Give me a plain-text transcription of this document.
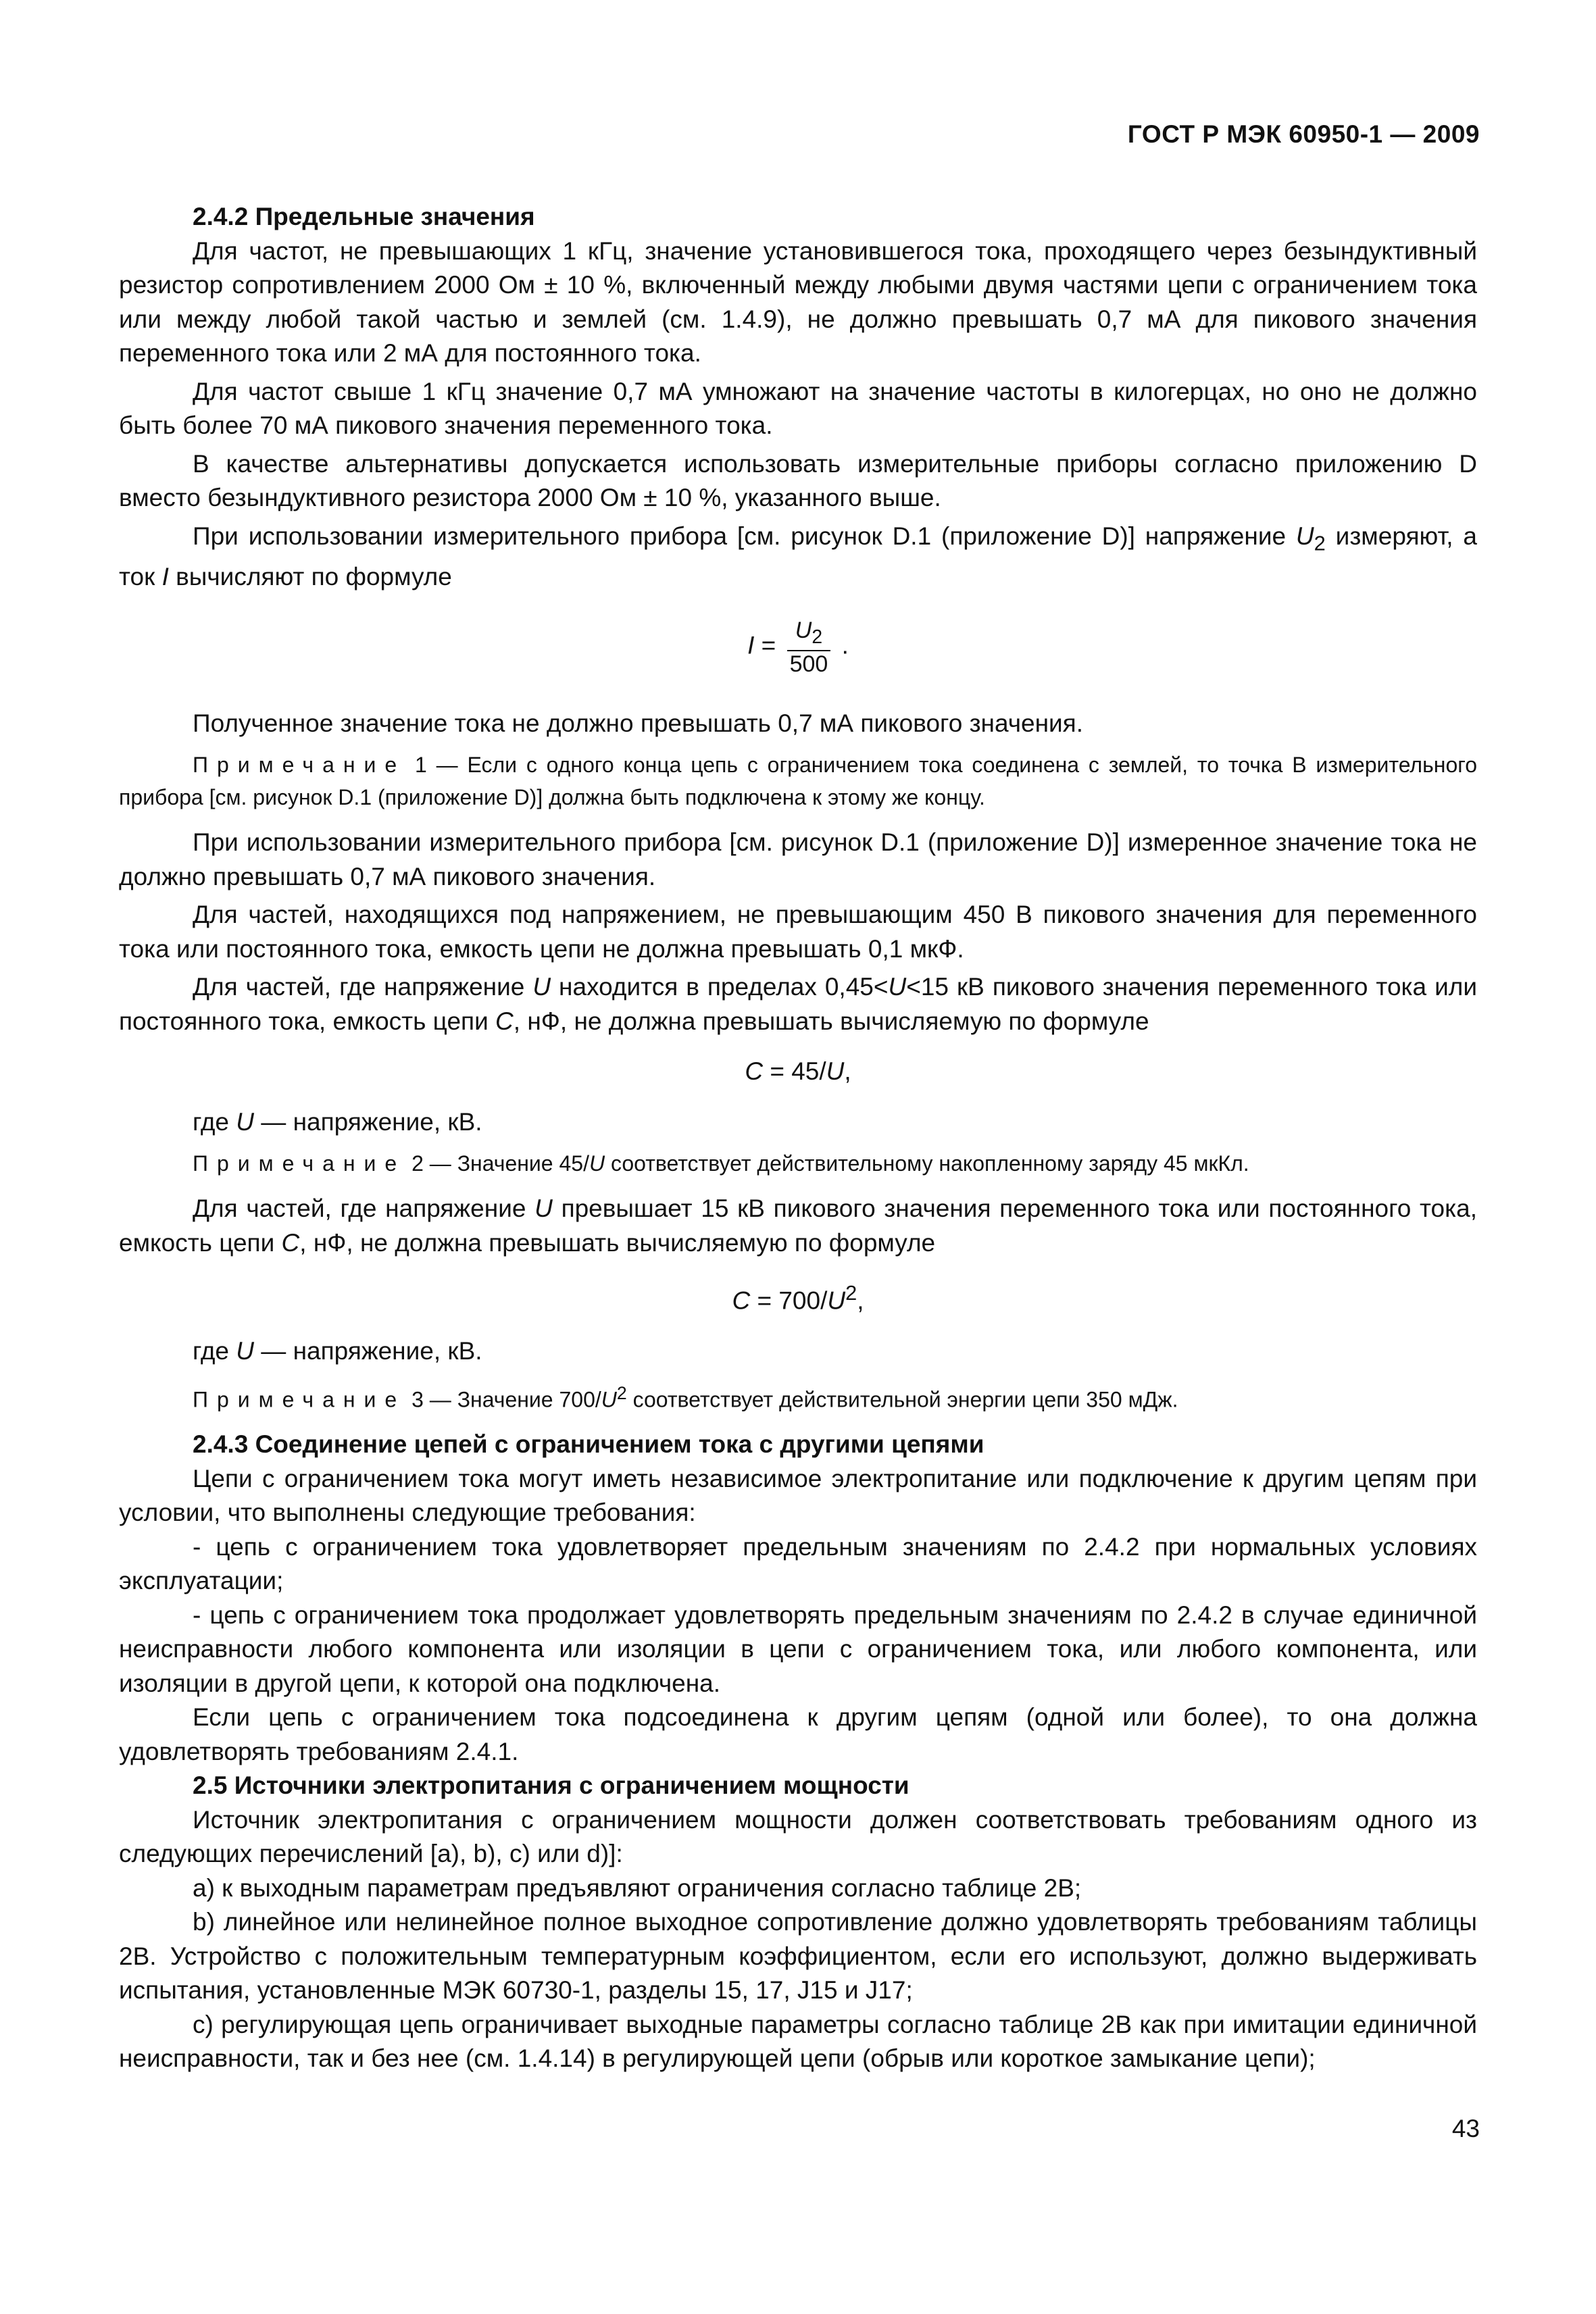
ГОСТ Р МЭК 60950-1 — 2009
2.4.2 Предельные значения

Для частот, не превышающих 1 кГц, значение установившегося тока, проходящего через безындуктивный резистор сопротивлением 2000 Ом ± 10 %, включенный между любыми двумя частями цепи с ограничением тока или между любой такой частью и землей (см. 1.4.9), не должно превышать 0,7 мА для пикового значения переменного тока или 2 мА для постоянного тока.

Для частот свыше 1 кГц значение 0,7 мА умножают на значение частоты в килогерцах, но оно не должно быть более 70 мА пикового значения переменного тока.

В качестве альтернативы допускается использовать измерительные приборы согласно приложению D вместо безындуктивного резистора 2000 Ом ± 10 %, указанного выше.

При использовании измерительного прибора [см. рисунок D.1 (приложение D)] напряжение $U_2$ измеряют, а ток I вычисляют по формуле

$I = \frac{U_2}{500}$ .

Полученное значение тока не должно превышать 0,7 мА пикового значения.

Примечание 1 — Если с одного конца цепь с ограничением тока соединена с землей, то точка В измерительного прибора [см. рисунок D.1 (приложение D)] должна быть подключена к этому же концу.

При использовании измерительного прибора [см. рисунок D.1 (приложение D)] измеренное значение тока не должно превышать 0,7 мА пикового значения.

Для частей, находящихся под напряжением, не превышающим 450 В пикового значения для переменного тока или постоянного тока, емкость цепи не должна превышать 0,1 мкФ.

Для частей, где напряжение U находится в пределах 0,45<U<15 кВ пикового значения переменного тока или постоянного тока, емкость цепи C, нФ, не должна превышать вычисляемую по формуле

C = 45/U,

где U — напряжение, кВ.

Примечание 2 — Значение 45/U соответствует действительному накопленному заряду 45 мкКл.

Для частей, где напряжение U превышает 15 кВ пикового значения переменного тока или постоянного тока, емкость цепи C, нФ, не должна превышать вычисляемую по формуле

$C = 700/U^2$,

где U — напряжение, кВ.

Примечание 3 — Значение $700/U^2$ соответствует действительной энергии цепи 350 мДж.
2.4.3 Соединение цепей с ограничением тока с другими цепями

Цепи с ограничением тока могут иметь независимое электропитание или подключение к другим цепям при условии, что выполнены следующие требования:

- цепь с ограничением тока удовлетворяет предельным значениям по 2.4.2 при нормальных условиях эксплуатации;

- цепь с ограничением тока продолжает удовлетворять предельным значениям по 2.4.2 в случае единичной неисправности любого компонента или изоляции в цепи с ограничением тока, или любого компонента, или изоляции в другой цепи, к которой она подключена.

Если цепь с ограничением тока подсоединена к другим цепям (одной или более), то она должна удовлетворять требованиям 2.4.1.

2.5 Источники электропитания с ограничением мощности

Источник электропитания с ограничением мощности должен соответствовать требованиям одного из следующих перечислений [а), b), с) или d)]:

а) к выходным параметрам предъявляют ограничения согласно таблице 2В;

b) линейное или нелинейное полное выходное сопротивление должно удовлетворять требованиям таблицы 2В. Устройство с положительным температурным коэффициентом, если его используют, должно выдерживать испытания, установленные МЭК 60730-1, разделы 15, 17, J15 и J17;

с) регулирующая цепь ограничивает выходные параметры согласно таблице 2В как при имитации единичной неисправности, так и без нее (см. 1.4.14) в регулирующей цепи (обрыв или короткое замыкание цепи);

43
